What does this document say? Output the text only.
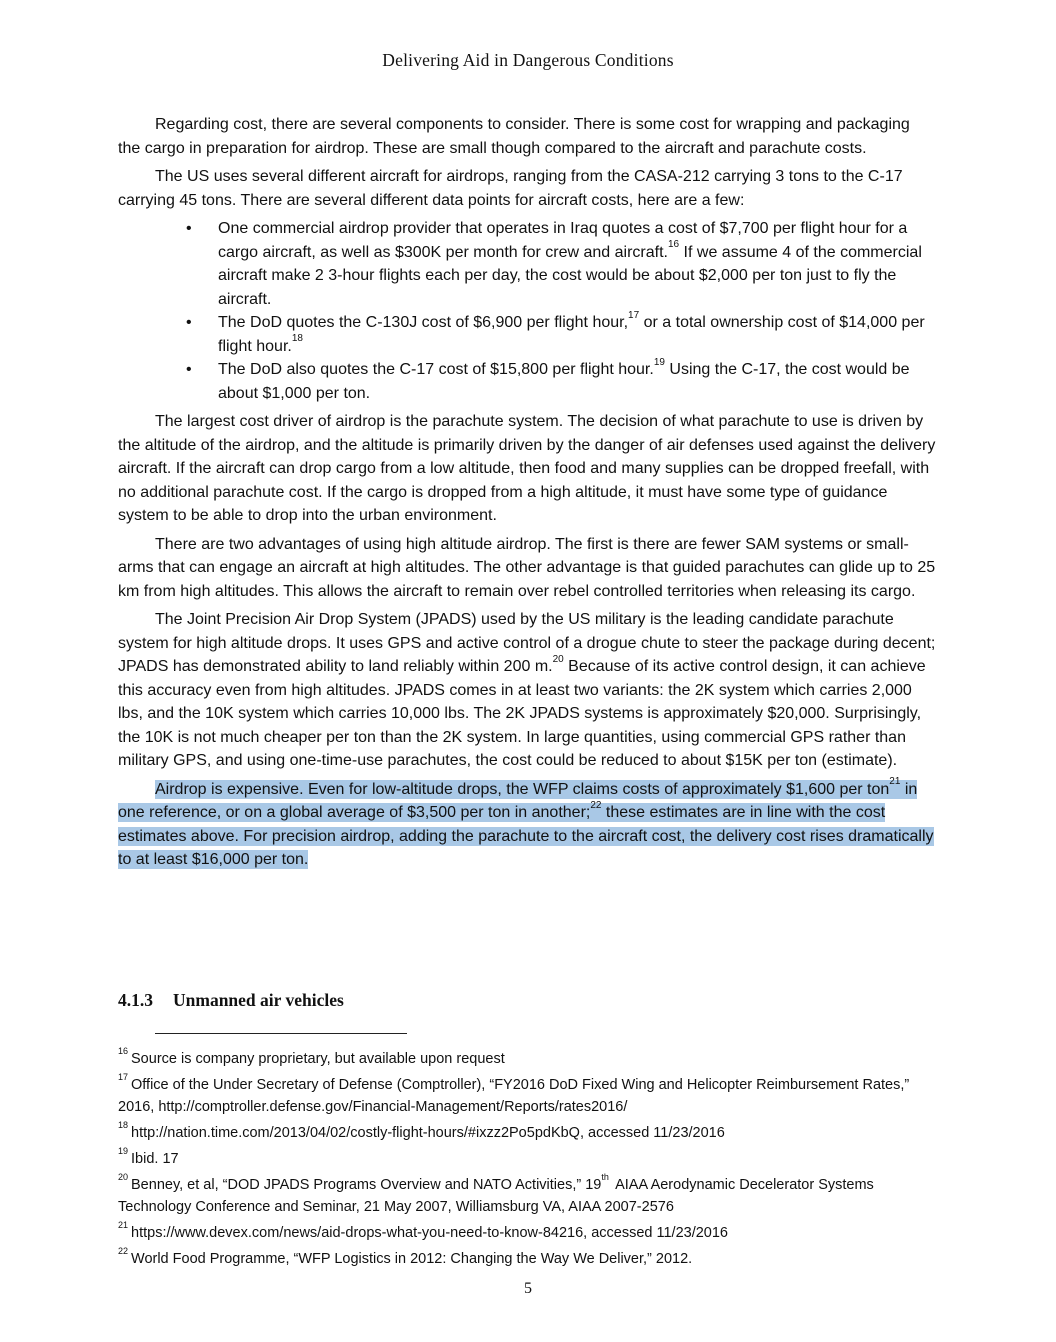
Delivering Aid in Dangerous Conditions

Regarding cost, there are several components to consider. There is some cost for wrapping and packaging the cargo in preparation for airdrop. These are small though compared to the aircraft and parachute costs.

The US uses several different aircraft for airdrops, ranging from the CASA-212 carrying 3 tons to the C-17 carrying 45 tons. There are several different data points for aircraft costs, here are a few:

• One commercial airdrop provider that operates in Iraq quotes a cost of $7,700 per flight hour for a cargo aircraft, as well as $300K per month for crew and aircraft.$^{16}$ If we assume 4 of the commercial aircraft make 2 3-hour flights each per day, the cost would be about $2,000 per ton just to fly the aircraft.
• The DoD quotes the C-130J cost of $6,900 per flight hour,$^{17}$ or a total ownership cost of $14,000 per flight hour.$^{18}$
• The DoD also quotes the C-17 cost of $15,800 per flight hour.$^{19}$ Using the C-17, the cost would be about $1,000 per ton.

The largest cost driver of airdrop is the parachute system. The decision of what parachute to use is driven by the altitude of the airdrop, and the altitude is primarily driven by the danger of air defenses used against the delivery aircraft. If the aircraft can drop cargo from a low altitude, then food and many supplies can be dropped freefall, with no additional parachute cost. If the cargo is dropped from a high altitude, it must have some type of guidance system to be able to drop into the urban environment.

There are two advantages of using high altitude airdrop. The first is there are fewer SAM systems or small-arms that can engage an aircraft at high altitudes. The other advantage is that guided parachutes can glide up to 25 km from high altitudes. This allows the aircraft to remain over rebel controlled territories when releasing its cargo.

The Joint Precision Air Drop System (JPADS) used by the US military is the leading candidate parachute system for high altitude drops. It uses GPS and active control of a drogue chute to steer the package during decent; JPADS has demonstrated ability to land reliably within 200 m.$^{20}$ Because of its active control design, it can achieve this accuracy even from high altitudes. JPADS comes in at least two variants: the 2K system which carries 2,000 lbs, and the 10K system which carries 10,000 lbs. The 2K JPADS systems is approximately $20,000. Surprisingly, the 10K is not much cheaper per ton than the 2K system. In large quantities, using commercial GPS rather than military GPS, and using one-time-use parachutes, the cost could be reduced to about $15K per ton (estimate).

Airdrop is expensive. Even for low-altitude drops, the WFP claims costs of approximately $1,600 per ton$^{21}$ in one reference, or on a global average of $3,500 per ton in another;$^{22}$ these estimates are in line with the cost estimates above. For precision airdrop, adding the parachute to the aircraft cost, the delivery cost rises dramatically to at least $16,000 per ton.

4.1.3 Unmanned air vehicles
$^{16}$ Source is company proprietary, but available upon request
$^{17}$ Office of the Under Secretary of Defense (Comptroller), “FY2016 DoD Fixed Wing and Helicopter Reimbursement Rates,” 2016, http://comptroller.defense.gov/Financial-Management/Reports/rates2016/
$^{18}$ http://nation.time.com/2013/04/02/costly-flight-hours/#ixzz2Po5pdKbQ, accessed 11/23/2016
$^{19}$ Ibid. 17
$^{20}$ Benney, et al, “DOD JPADS Programs Overview and NATO Activities,” 19th AIAA Aerodynamic Decelerator Systems Technology Conference and Seminar, 21 May 2007, Williamsburg VA, AIAA 2007-2576
$^{21}$ https://www.devex.com/news/aid-drops-what-you-need-to-know-84216, accessed 11/23/2016
$^{22}$ World Food Programme, “WFP Logistics in 2012: Changing the Way We Deliver,” 2012.
5
